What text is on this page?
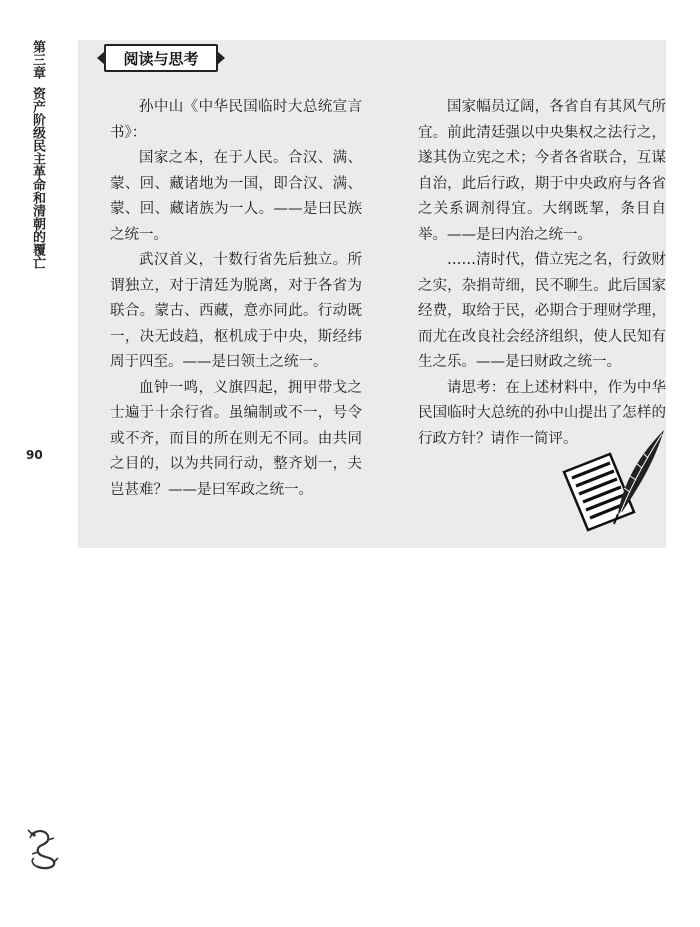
第三章资产阶级民主革命和清朝的覆亡
90
阅读与思考

孙中山《中华民国临时大总统宣言书》：

国家之本，在于人民。合汉、满、蒙、回、藏诸地为一国，即合汉、满、蒙、回、藏诸族为一人。——是曰民族之统一。

武汉首义，十数行省先后独立。所谓独立，对于清廷为脱离，对于各省为联合。蒙古、西藏，意亦同此。行动既一，决无歧趋，枢机成于中央，斯经纬周于四至。——是曰领土之统一。

血钟一鸣，义旗四起，拥甲带戈之士遍于十余行省。虽编制或不一，号令或不齐，而目的所在则无不同。由共同之目的，以为共同行动，整齐划一，夫岂甚难？——是曰军政之统一。

国家幅员辽阔，各省自有其风气所宜。前此清廷强以中央集权之法行之，遂其伪立宪之术；今者各省联合，互谋自治，此后行政，期于中央政府与各省之关系调剂得宜。大纲既挈，条目自举。——是曰内治之统一。

……清时代，借立宪之名，行敛财之实，杂捐苛细，民不聊生。此后国家经费，取给于民，必期合于理财学理，而尤在改良社会经济组织，使人民知有生之乐。——是曰财政之统一。

请思考：在上述材料中，作为中华民国临时大总统的孙中山提出了怎样的行政方针？请作一简评。
